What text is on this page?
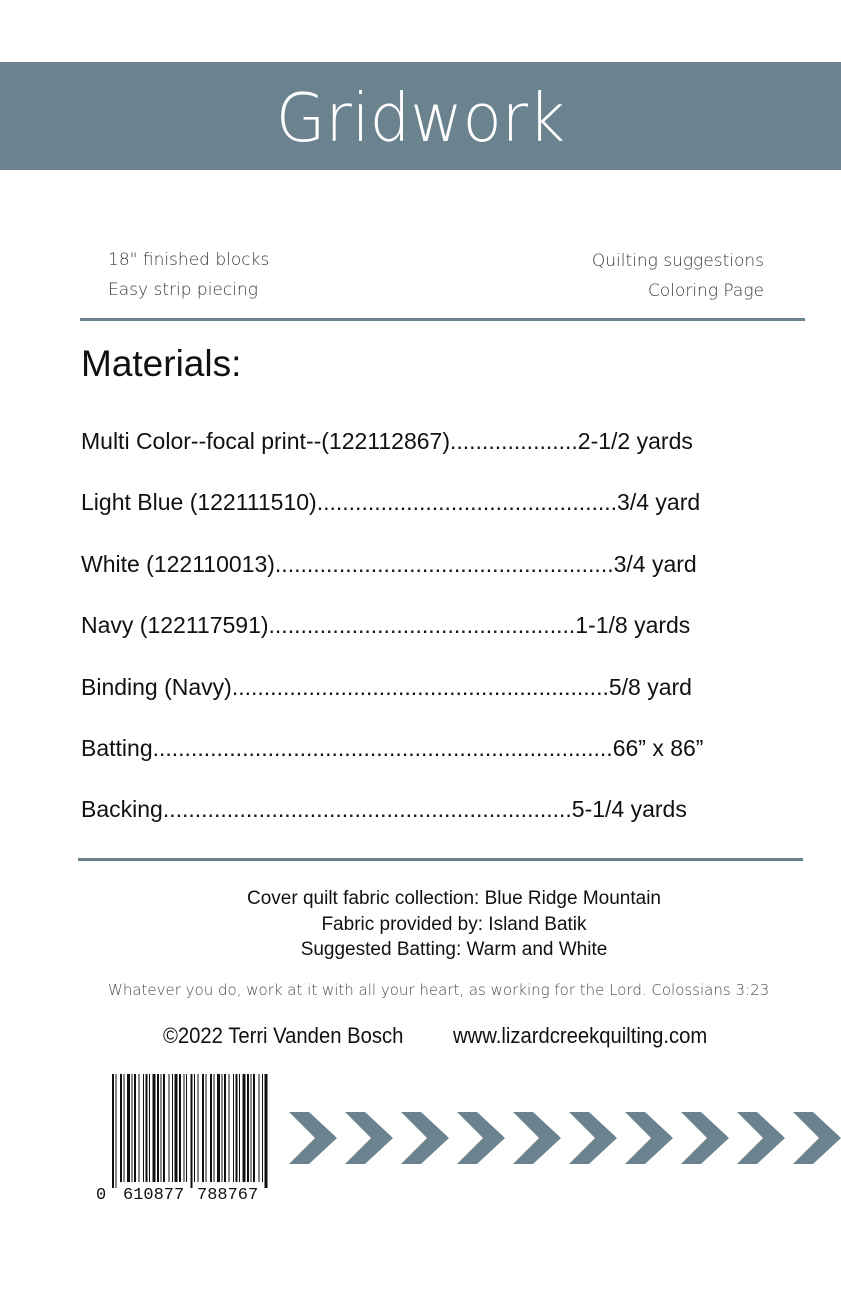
Gridwork
18" finished blocks
Easy strip piecing
Quilting suggestions
Coloring Page
Materials:
Multi Color--focal print--(122112867)....................2-1/2 yards
Light Blue (122111510)...............................................3/4 yard
White (122110013).....................................................3/4 yard
Navy (122117591)................................................1-1/8 yards
Binding (Navy)...........................................................5/8 yard
Batting........................................................................66” x 86”
Backing................................................................5-1/4 yards
Cover quilt fabric collection: Blue Ridge Mountain
Fabric provided by: Island Batik
Suggested Batting: Warm and White
Whatever you do, work at it with all your heart, as working for the Lord. Colossians 3:23
©2022 Terri Vanden Bosch www.lizardcreekquilting.com
0 610877 788767
